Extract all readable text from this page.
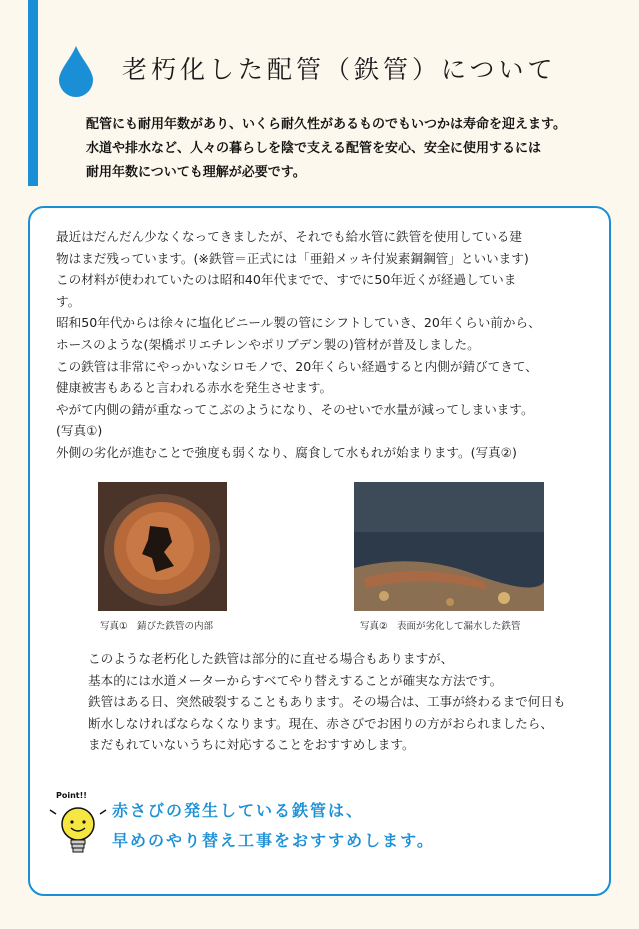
老朽化した配管（鉄管）について
配管にも耐用年数があり、いくら耐久性があるものでもいつかは寿命を迎えます。
水道や排水など、人々の暮らしを陰で支える配管を安心、安全に使用するには
耐用年数についても理解が必要です。
最近はだんだん少なくなってきましたが、それでも給水管に鉄管を使用している建
物はまだ残っています。(※鉄管＝正式には「亜鉛メッキ付炭素鋼鋼管」といいます)
この材料が使われていたのは昭和40年代までで、すでに50年近くが経過していま
す。
昭和50年代からは徐々に塩化ビニール製の管にシフトしていき、20年くらい前から、
ホースのような(架橋ポリエチレンやポリブデン製の)管材が普及しました。
この鉄管は非常にやっかいなシロモノで、20年くらい経過すると内側が錆びてきて、
健康被害もあると言われる赤水を発生させます。
やがて内側の錆が重なってこぶのようになり、そのせいで水量が減ってしまいます。
(写真①)
外側の劣化が進むことで強度も弱くなり、腐食して水もれが始まります。(写真②)
写真①　錆びた鉄管の内部	写真②　表面が劣化して漏水した鉄管
このような老朽化した鉄管は部分的に直せる場合もありますが、
基本的には水道メーターからすべてやり替えすることが確実な方法です。
鉄管はある日、突然破裂することもあります。その場合は、工事が終わるまで何日も
断水しなければならなくなります。現在、赤さびでお困りの方がおられましたら、
まだもれていないうちに対応することをおすすめします。
Point!!
赤さびの発生している鉄管は、
早めのやり替え工事をおすすめします。
